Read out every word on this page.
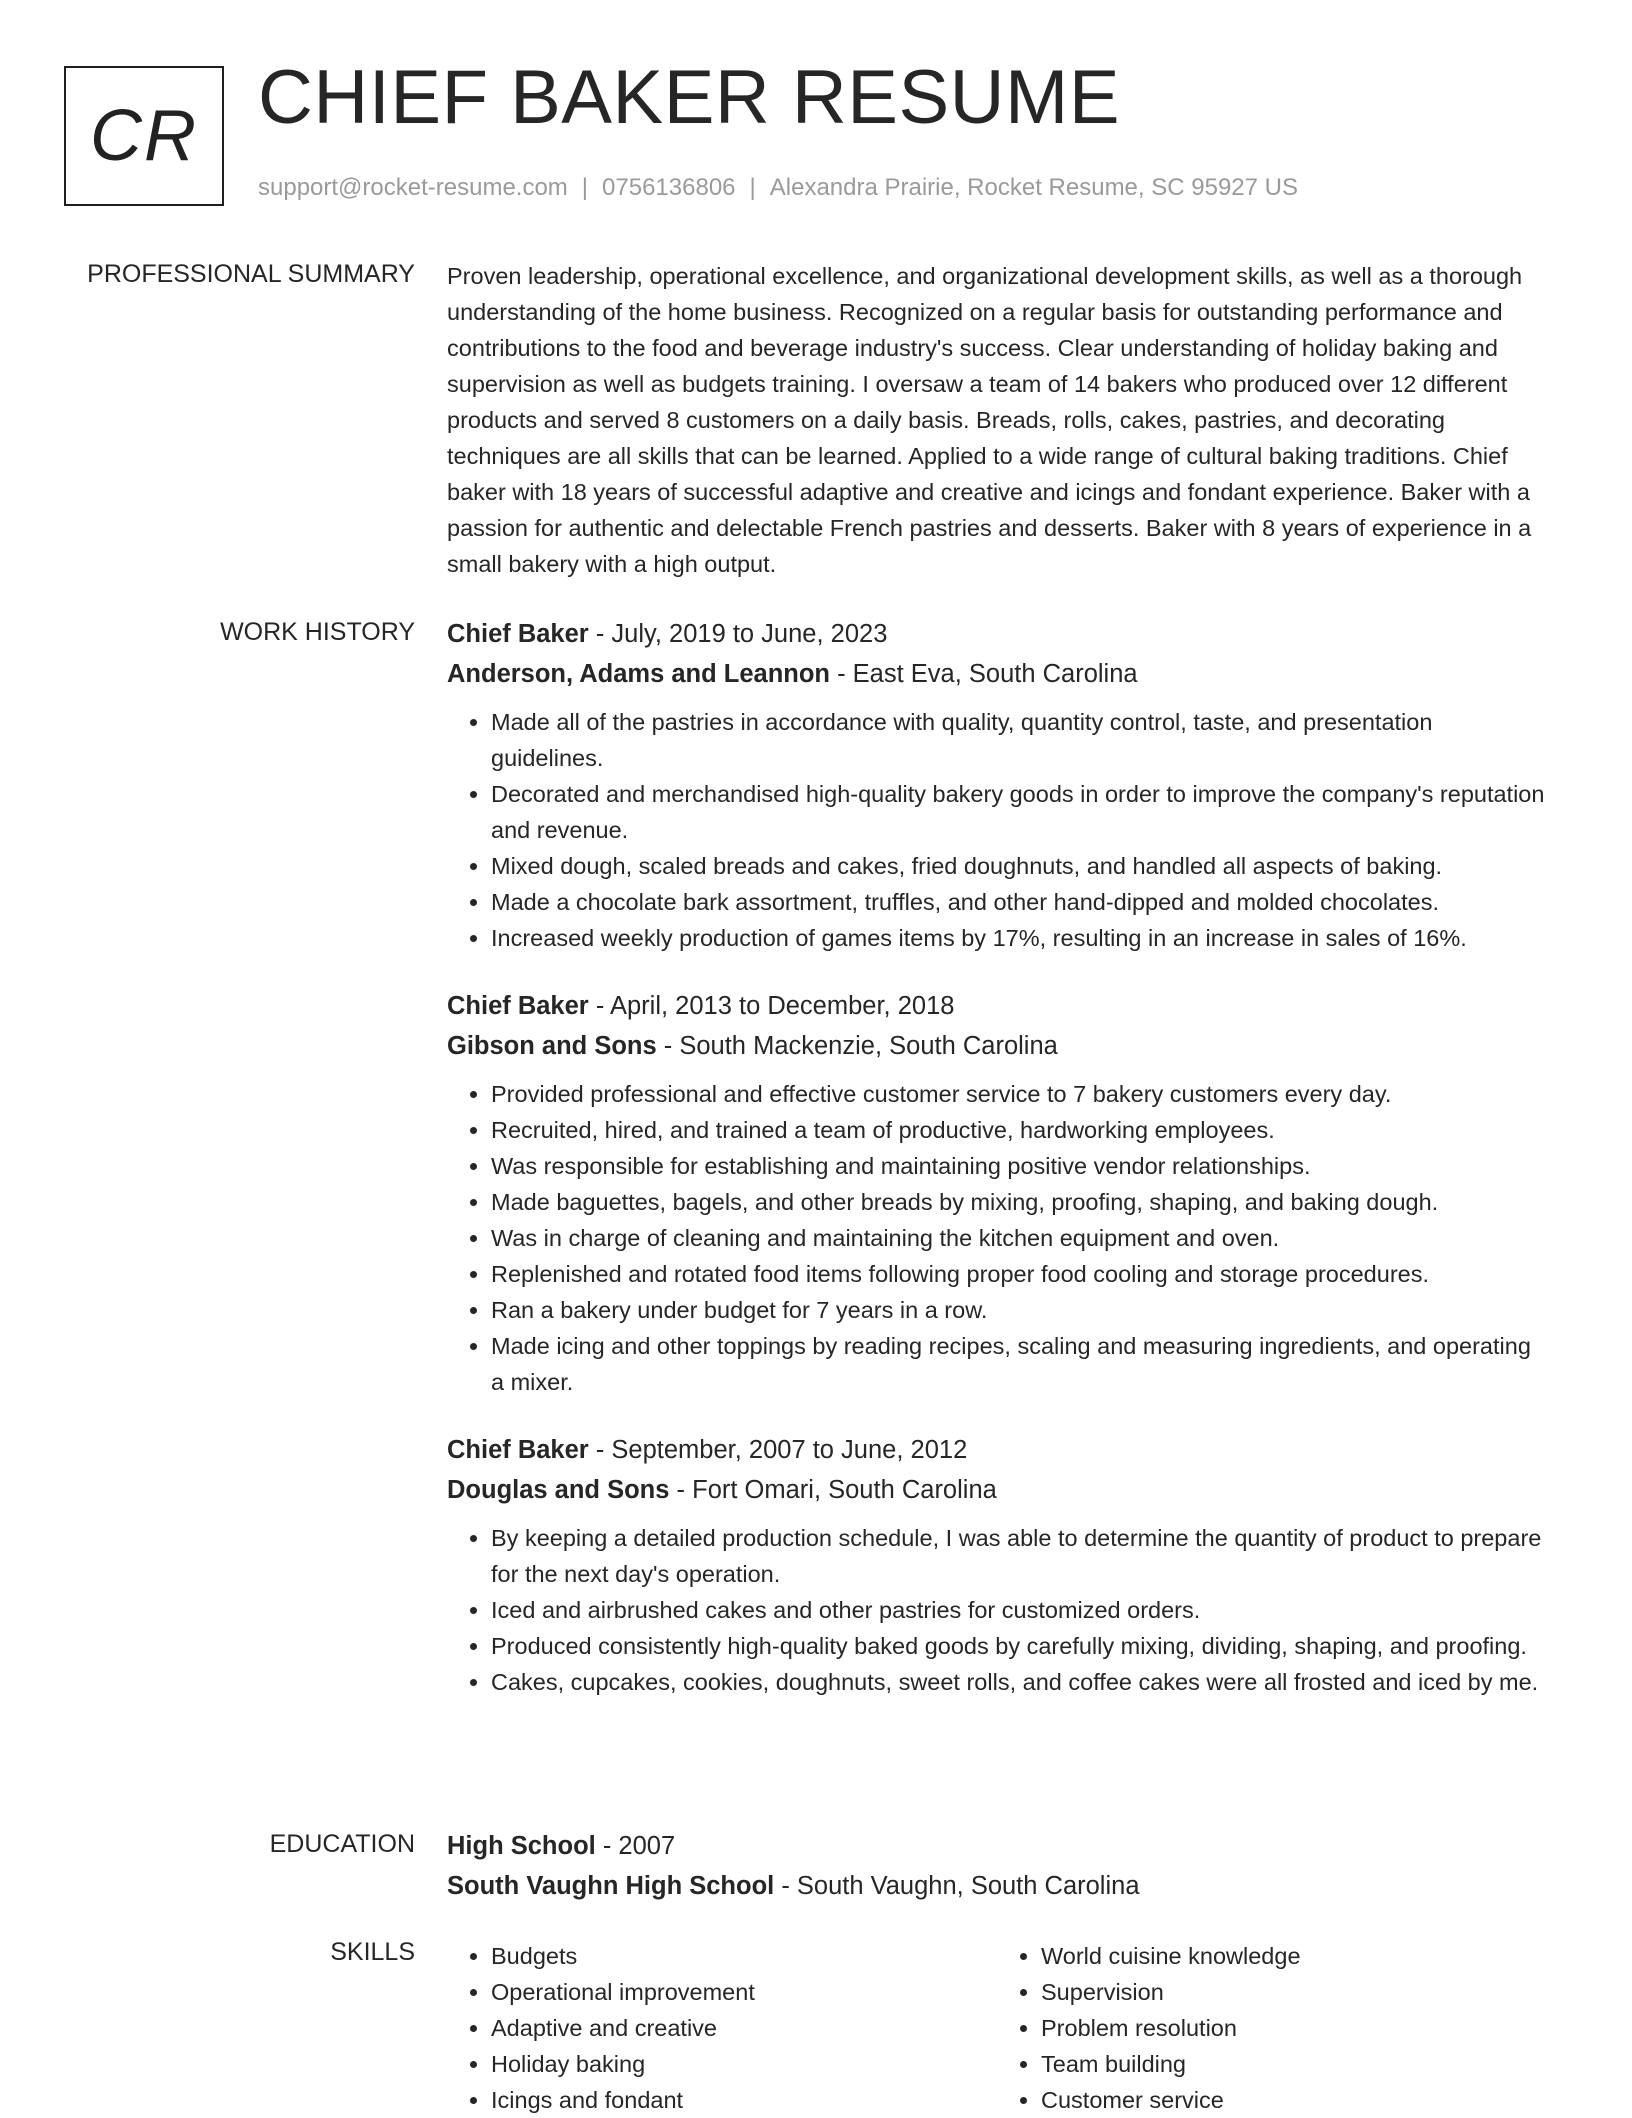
CR CHIEF BAKER RESUME
support@rocket-resume.com | 0756136806 | Alexandra Prairie, Rocket Resume, SC 95927 US
PROFESSIONAL SUMMARY Proven leadership, operational excellence, and organizational development skills, as well as a thorough understanding of the home business. Recognized on a regular basis for outstanding performance and contributions to the food and beverage industry's success. Clear understanding of holiday baking and supervision as well as budgets training. I oversaw a team of 14 bakers who produced over 12 different products and served 8 customers on a daily basis. Breads, rolls, cakes, pastries, and decorating techniques are all skills that can be learned. Applied to a wide range of cultural baking traditions. Chief baker with 18 years of successful adaptive and creative and icings and fondant experience. Baker with a passion for authentic and delectable French pastries and desserts. Baker with 8 years of experience in a small bakery with a high output.

WORK HISTORY Chief Baker - July, 2019 to June, 2023
Anderson, Adams and Leannon - East Eva, South Carolina
• Made all of the pastries in accordance with quality, quantity control, taste, and presentation guidelines.
• Decorated and merchandised high-quality bakery goods in order to improve the company's reputation and revenue.
• Mixed dough, scaled breads and cakes, fried doughnuts, and handled all aspects of baking.
• Made a chocolate bark assortment, truffles, and other hand-dipped and molded chocolates.
• Increased weekly production of games items by 17%, resulting in an increase in sales of 16%.
Chief Baker - April, 2013 to December, 2018
Gibson and Sons - South Mackenzie, South Carolina
• Provided professional and effective customer service to 7 bakery customers every day.
• Recruited, hired, and trained a team of productive, hardworking employees.
• Was responsible for establishing and maintaining positive vendor relationships.
• Made baguettes, bagels, and other breads by mixing, proofing, shaping, and baking dough.
• Was in charge of cleaning and maintaining the kitchen equipment and oven.
• Replenished and rotated food items following proper food cooling and storage procedures.
• Ran a bakery under budget for 7 years in a row.
• Made icing and other toppings by reading recipes, scaling and measuring ingredients, and operating a mixer.
Chief Baker - September, 2007 to June, 2012
Douglas and Sons - Fort Omari, South Carolina
• By keeping a detailed production schedule, I was able to determine the quantity of product to prepare for the next day's operation.
• Iced and airbrushed cakes and other pastries for customized orders.
• Produced consistently high-quality baked goods by carefully mixing, dividing, shaping, and proofing.
• Cakes, cupcakes, cookies, doughnuts, sweet rolls, and coffee cakes were all frosted and iced by me.
EDUCATION High School - 2007
South Vaughn High School - South Vaughn, South Carolina
SKILLS
•	Budgets
• Operational improvement
• Adaptive and creative
• Holiday baking
• Icings and fondant
• World cuisine knowledge
• Supervision
• Problem resolution
• Team building
• Customer service
